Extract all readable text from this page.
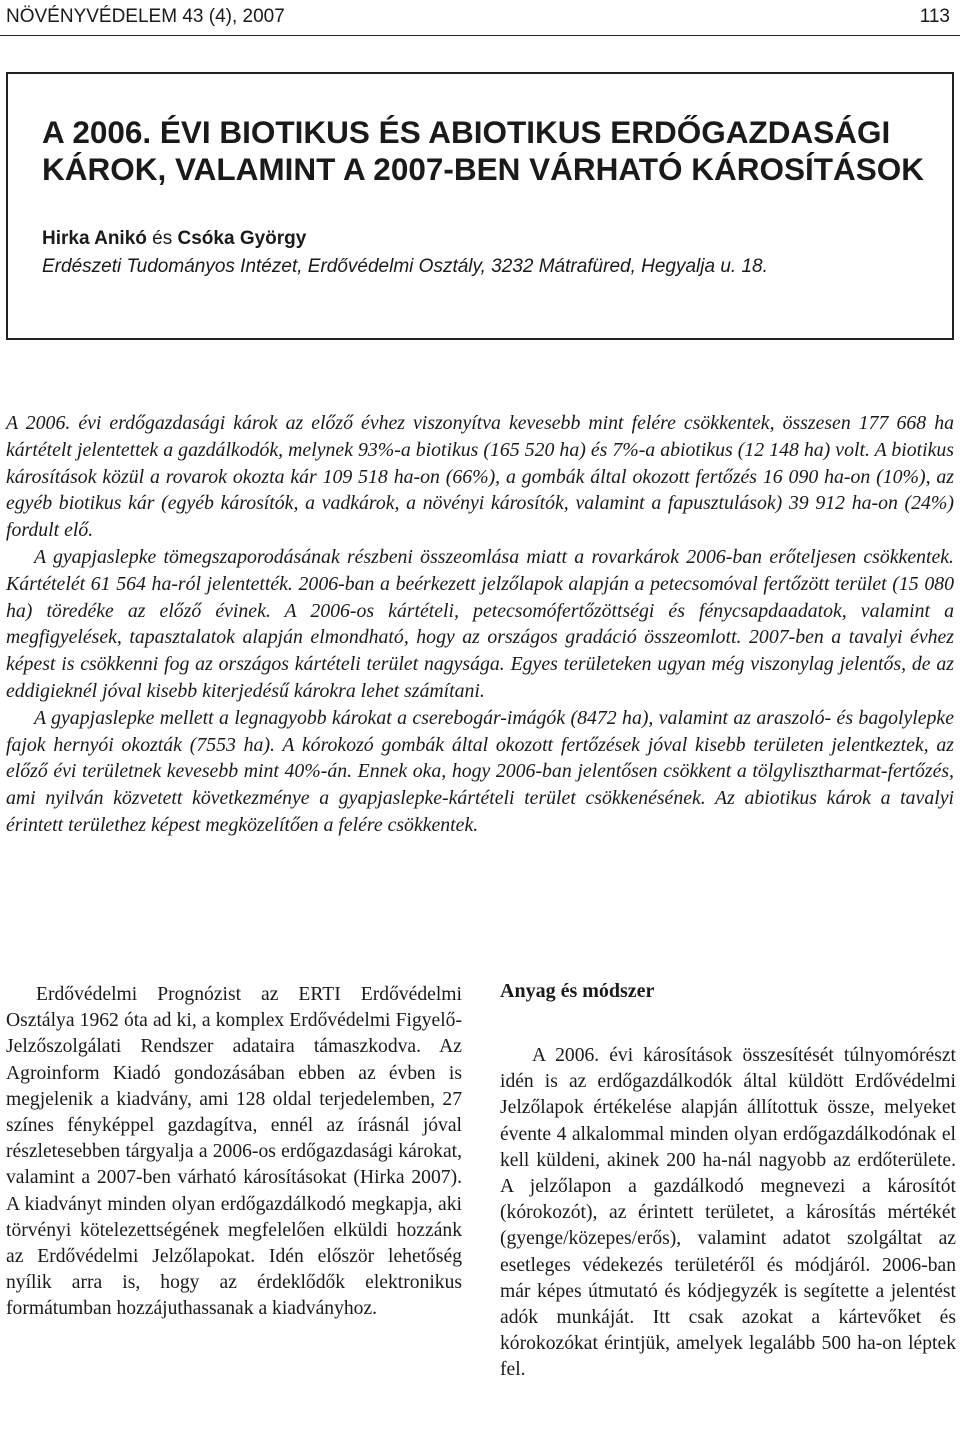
NÖVÉNYVÉDELEM 43 (4), 2007	113
A 2006. ÉVI BIOTIKUS ÉS ABIOTIKUS ERDŐGAZDASÁGI
KÁROK, VALAMINT A 2007-BEN VÁRHATÓ KÁROSÍTÁSOK
Hirka Anikó és Csóka György
Erdészeti Tudományos Intézet, Erdővédelmi Osztály, 3232 Mátrafüred, Hegyalja u. 18.

A 2006. évi erdőgazdasági károk az előző évhez viszonyítva kevesebb mint felére csökkentek, összesen 177 668 ha kártételt jelentettek a gazdálkodók, melynek 93%-a biotikus (165 520 ha) és 7%-a abiotikus (12 148 ha) volt. A biotikus károsítások közül a rovarok okozta kár 109 518 ha-on (66%), a gombák által okozott fertőzés 16 090 ha-on (10%), az egyéb biotikus kár (egyéb károsítók, a vadkárok, a növényi károsítók, valamint a fapusztulások) 39 912 ha-on (24%) fordult elő.

A gyapjaslepke tömegszaporodásának részbeni összeomlása miatt a rovarkárok 2006-ban erőteljesen csökkentek. Kártételét 61 564 ha-ról jelentették. 2006-ban a beérkezett jelzőlapok alapján a petecsomóval fertőzött terület (15 080 ha) töredéke az előző évinek. A 2006-os kártételi, petecsomófertőzöttségi és fénycsapdaadatok, valamint a megfigyelések, tapasztalatok alapján elmondható, hogy az országos gradáció összeomlott. 2007-ben a tavalyi évhez képest is csökkenni fog az országos kártételi terület nagysága. Egyes területeken ugyan még viszonylag jelentős, de az eddigieknél jóval kisebb kiterjedésű károkra lehet számítani.

A gyapjaslepke mellett a legnagyobb károkat a cserebogár-imágók (8472 ha), valamint az araszoló- és bagolylepke fajok hernyói okozták (7553 ha). A kórokozó gombák által okozott fertőzések jóval kisebb területen jelentkeztek, az előző évi területnek kevesebb mint 40%-án. Ennek oka, hogy 2006-ban jelentősen csökkent a tölgylisztharmat-fertőzés, ami nyilván közvetett következménye a gyapjaslepke-kártételi terület csökkenésének. Az abiotikus károk a tavalyi érintett területhez képest megközelítően a felére csökkentek.

Erdővédelmi Prognózist az ERTI Erdővédelmi Osztálya 1962 óta ad ki, a komplex Erdővédelmi Figyelő-Jelzőszolgálati Rendszer adataira támaszkodva. Az Agroinform Kiadó gondozásában ebben az évben is megjelenik a kiadvány, ami 128 oldal terjedelemben, 27 színes fényképpel gazdagítva, ennél az írásnál jóval részletesebben tárgyalja a 2006-os erdőgazdasági károkat, valamint a 2007-ben várható károsításokat (Hirka 2007). A kiadványt minden olyan erdőgazdálkodó megkapja, aki törvényi kötelezettségének megfelelően elküldi hozzánk az Erdővédelmi Jelzőlapokat. Idén először lehetőség nyílik arra is, hogy az érdeklődők elektronikus formátumban hozzájuthassanak a kiadványhoz.

Anyag és módszer

A 2006. évi károsítások összesítését túlnyomórészt idén is az erdőgazdálkodók által küldött Erdővédelmi Jelzőlapok értékelése alapján állítottuk össze, melyeket évente 4 alkalommal minden olyan erdőgazdálkodónak el kell küldeni, akinek 200 ha-nál nagyobb az erdőterülete. A jelzőlapon a gazdálkodó megnevezi a károsítót (kórokozót), az érintett területet, a károsítás mértékét (gyenge/közepes/erős), valamint adatot szolgáltat az esetleges védekezés területéről és módjáról. 2006-ban már képes útmutató és kódjegyzék is segítette a jelentést adók munkáját. Itt csak azokat a kártevőket és kórokozókat érintjük, amelyek legalább 500 ha-on léptek fel.
